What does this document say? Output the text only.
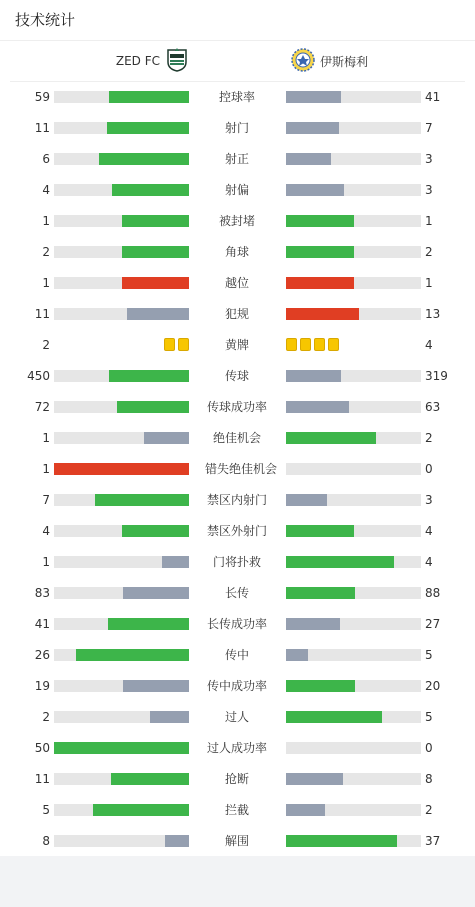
技术统计
ZED FC	伊斯梅利
59	控球率	41
11	射门	7
6	射正	3
4	射偏	3
1	被封堵	1
2	角球	2
1	越位	1
11	犯规	13
2	黄牌	4
450	传球	319
72	传球成功率	63
1	绝佳机会	2
1	错失绝佳机会	0
7	禁区内射门	3
4	禁区外射门	4
1	门将扑救	4
83	长传	88
41	长传成功率	27
26	传中	5
19	传中成功率	20
2	过人	5
50	过人成功率	0
11	抢断	8
5	拦截	2
8	解围	37
